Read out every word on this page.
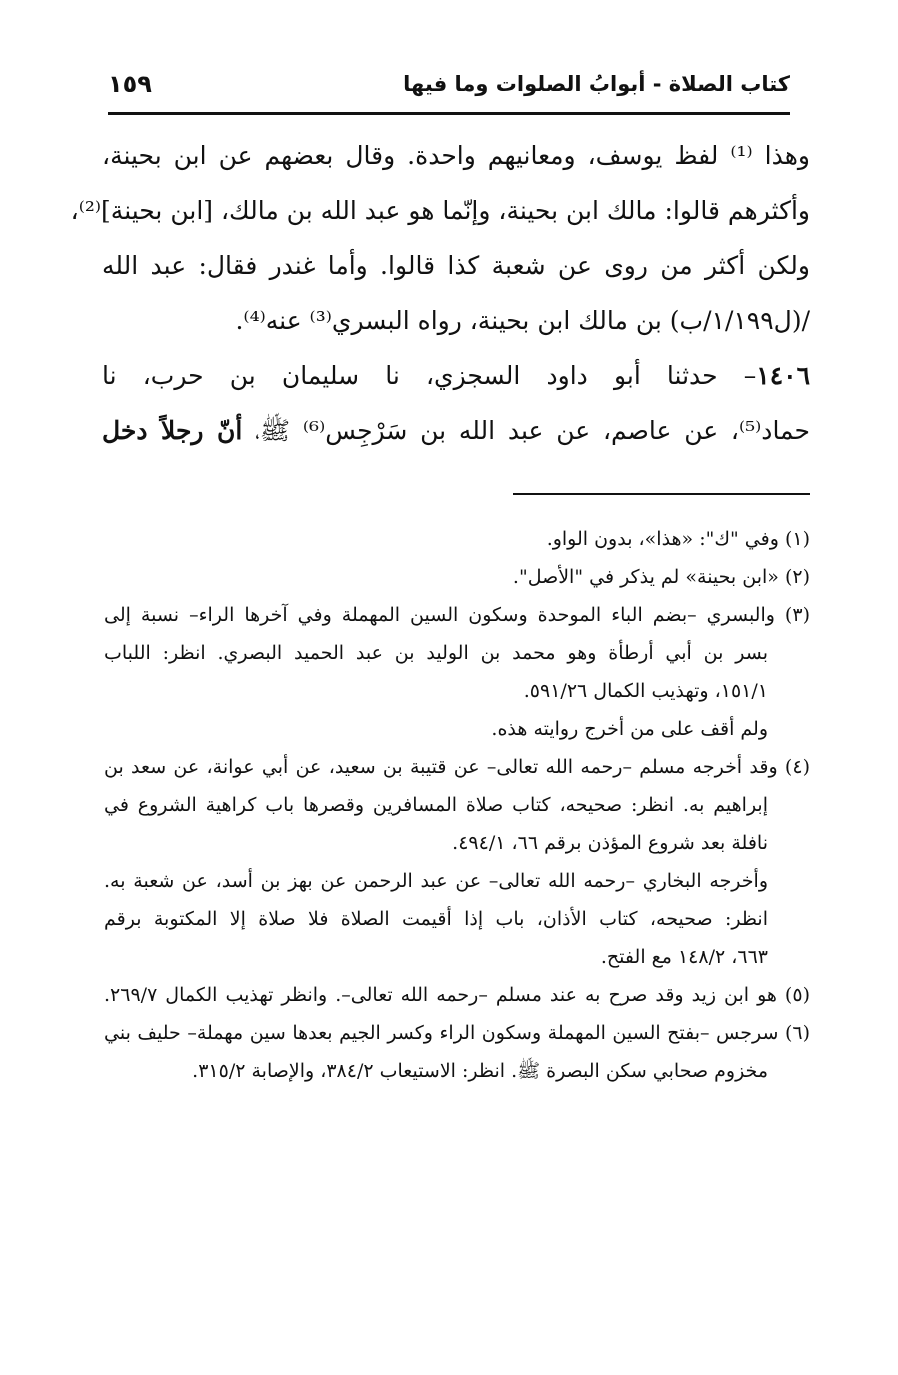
كتاب الصلاة - أبوابُ الصلوات وما فيها
١٥٩
وهذا ⁽¹⁾ لفظ يوسف، ومعانيهم واحدة. وقال بعضهم عن ابن بحينة،
وأكثرهم قالوا: مالك ابن بحينة، وإنّما هو عبد الله بن مالك، [ابن بحينة]⁽²⁾،
ولكن أكثر من روى عن شعبة كذا قالوا. وأما غندر فقال: عبد الله
/(ل١/١٩٩/ب) بن مالك ابن بحينة، رواه البسري⁽³⁾ عنه⁽⁴⁾.
١٤٠٦– حدثنا أبو داود السجزي، نا سليمان بن حرب، نا
حماد⁽⁵⁾، عن عاصم، عن عبد الله بن سَرْجِس⁽⁶⁾ ﷺ، أنّ رجلاً دخل
(١) وفي "ك": «هذا»، بدون الواو.
(٢) «ابن بحينة» لم يذكر في "الأصل".
(٣) والبسري –بضم الباء الموحدة وسكون السين المهملة وفي آخرها الراء– نسبة إلى
بسر بن أبي أرطأة وهو محمد بن الوليد بن عبد الحميد البصري. انظر: اللباب
١٥١/١، وتهذيب الكمال ٥٩١/٢٦.
ولم أقف على من أخرج روايته هذه.
(٤) وقد أخرجه مسلم –رحمه الله تعالى– عن قتيبة بن سعيد، عن أبي عوانة، عن سعد بن
إبراهيم به. انظر: صحيحه، كتاب صلاة المسافرين وقصرها باب كراهية الشروع في
نافلة بعد شروع المؤذن برقم ٦٦، ٤٩٤/١.
وأخرجه البخاري –رحمه الله تعالى– عن عبد الرحمن عن بهز بن أسد، عن شعبة به.
انظر: صحيحه، كتاب الأذان، باب إذا أقيمت الصلاة فلا صلاة إلا المكتوبة برقم
٦٦٣، ١٤٨/٢ مع الفتح.
(٥) هو ابن زيد وقد صرح به عند مسلم –رحمه الله تعالى–. وانظر تهذيب الكمال ٢٦٩/٧.
(٦) سرجس –بفتح السين المهملة وسكون الراء وكسر الجيم بعدها سين مهملة– حليف بني
مخزوم صحابي سكن البصرة ﷺ. انظر: الاستيعاب ٣٨٤/٢، والإصابة ٣١٥/٢.
